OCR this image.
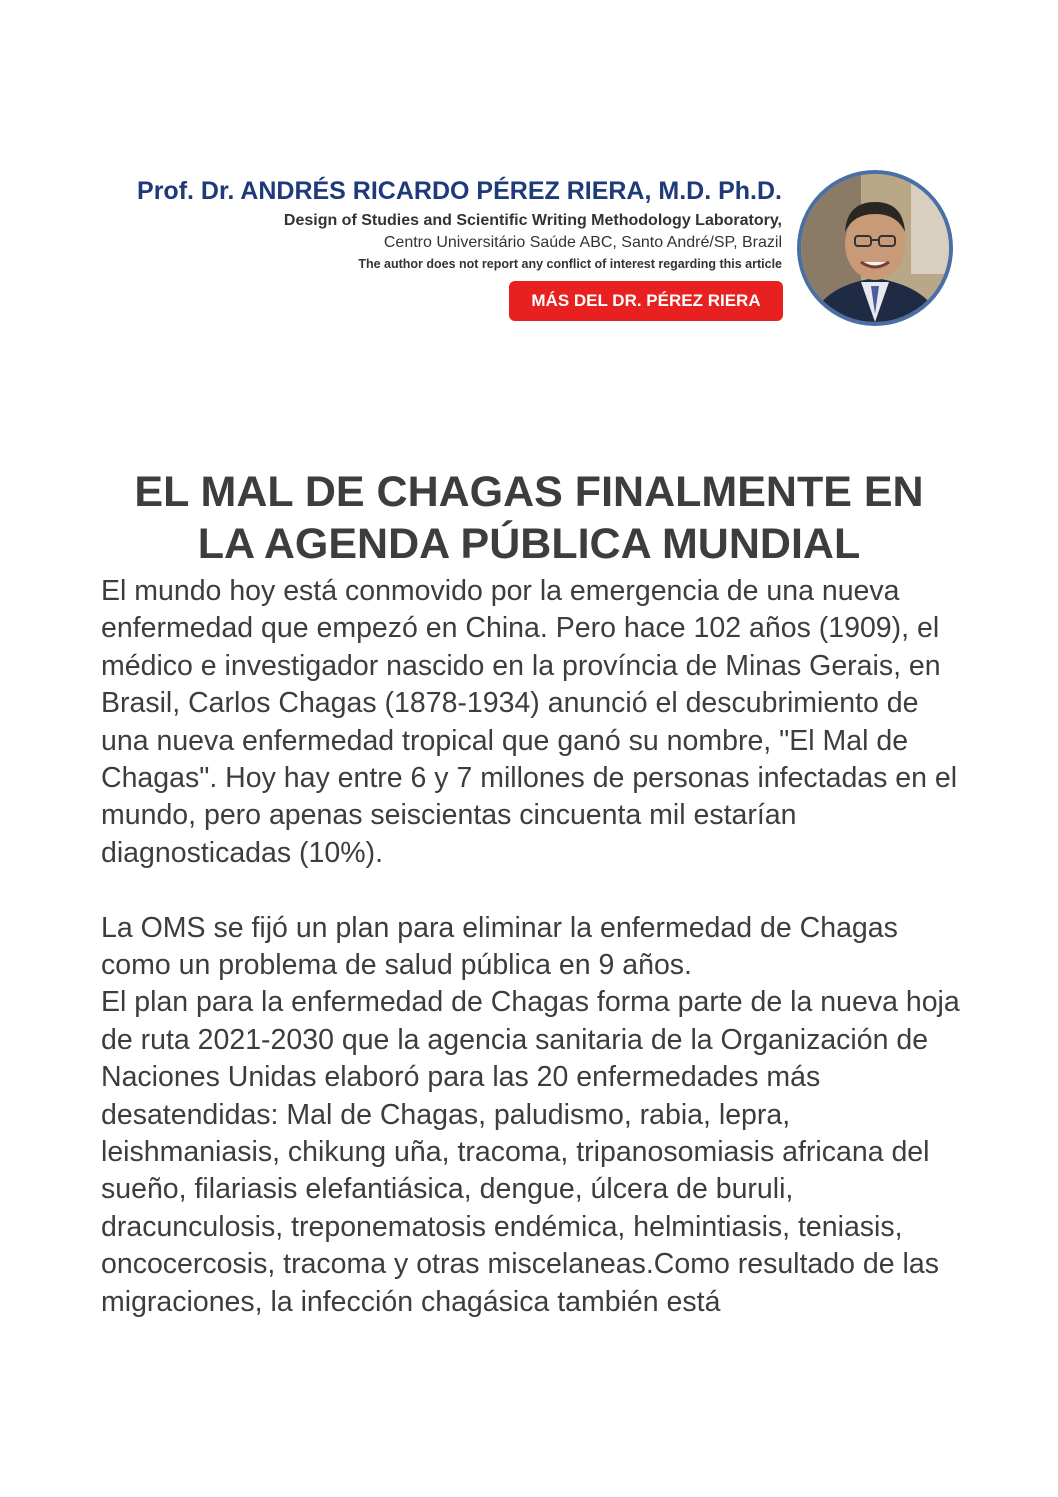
Prof. Dr. ANDRÉS RICARDO PÉREZ RIERA, M.D. Ph.D.
Design of Studies and Scientific Writing Methodology Laboratory,
Centro Universitário Saúde ABC, Santo André/SP, Brazil
The author does not report any conflict of interest regarding this article
MÁS DEL DR. PÉREZ RIERA
EL MAL DE CHAGAS FINALMENTE EN
LA AGENDA PÚBLICA MUNDIAL

El mundo hoy está conmovido por la emergencia de una nueva enfermedad que empezó en China. Pero hace 102 años (1909), el médico e investigador nascido en la província de Minas Gerais, en Brasil, Carlos Chagas (1878-1934) anunció el descubrimiento de una nueva enfermedad tropical que ganó su nombre, "El Mal de Chagas". Hoy hay entre 6 y 7 millones de personas infectadas en el mundo, pero apenas seiscientas cincuenta mil estarían diagnosticadas (10%).

La OMS se fijó un plan para eliminar la enfermedad de Chagas como un problema de salud pública en 9 años.

El plan para la enfermedad de Chagas forma parte de la nueva hoja de ruta 2021-2030 que la agencia sanitaria de la Organización de Naciones Unidas elaboró para las 20 enfermedades más desatendidas: Mal de Chagas, paludismo, rabia, lepra, leishmaniasis, chikung uña, tracoma, tripanosomiasis africana del sueño, filariasis elefantiásica, dengue, úlcera de buruli, dracunculosis, treponematosis endémica, helmintiasis, teniasis, oncocercosis, tracoma y otras miscelaneas.Como resultado de las migraciones, la infección chagásica también está
